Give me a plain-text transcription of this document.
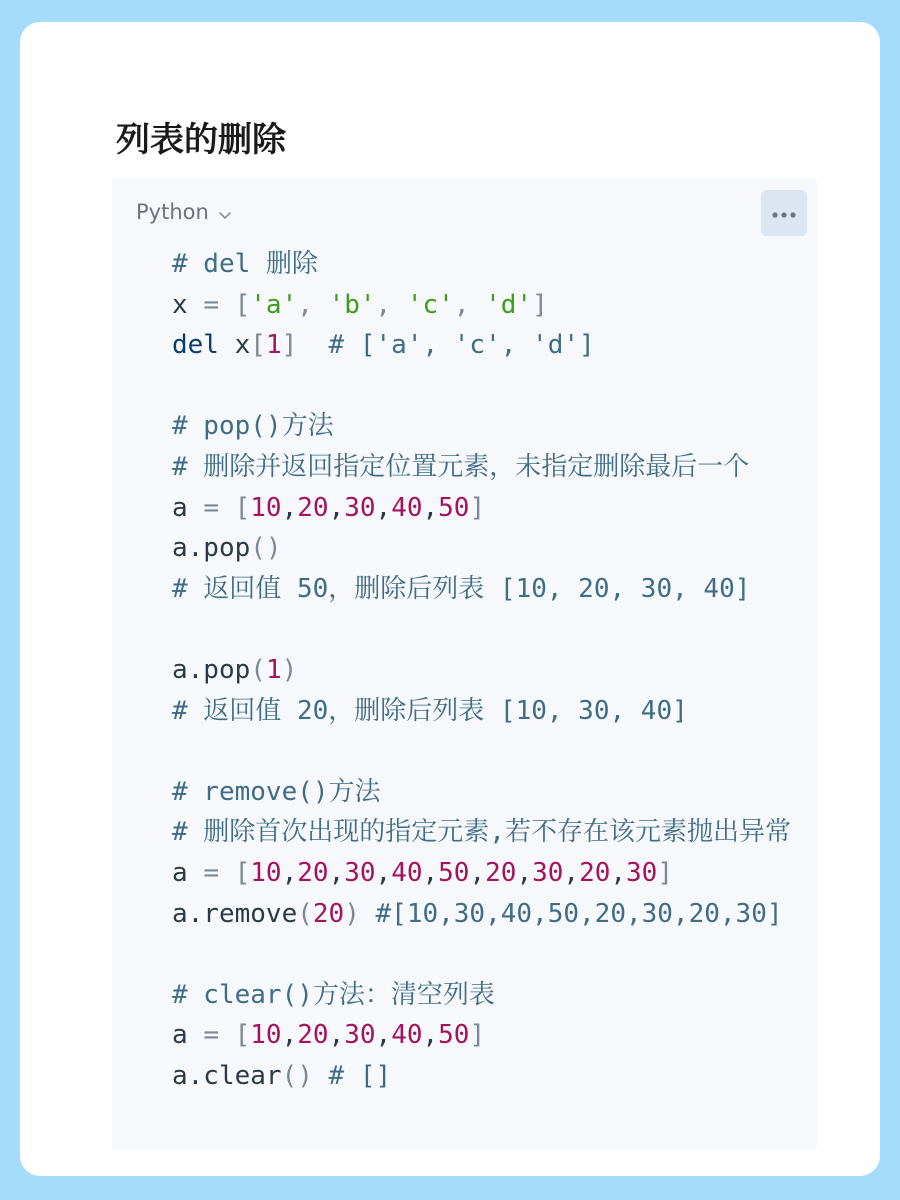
列表的删除
Python
# del 删除
x = ['a', 'b', 'c', 'd']
del x[1]  # ['a', 'c', 'd']
# pop()方法
# 删除并返回指定位置元素，未指定删除最后一个
a = [10,20,30,40,50]
a.pop()
# 返回值 50，删除后列表 [10, 20, 30, 40]
a.pop(1)
# 返回值 20，删除后列表 [10, 30, 40]
# remove()方法
# 删除首次出现的指定元素,若不存在该元素抛出异常
a = [10,20,30,40,50,20,30,20,30]
a.remove(20) #[10,30,40,50,20,30,20,30]
# clear()方法：清空列表
a = [10,20,30,40,50]
a.clear() # []
